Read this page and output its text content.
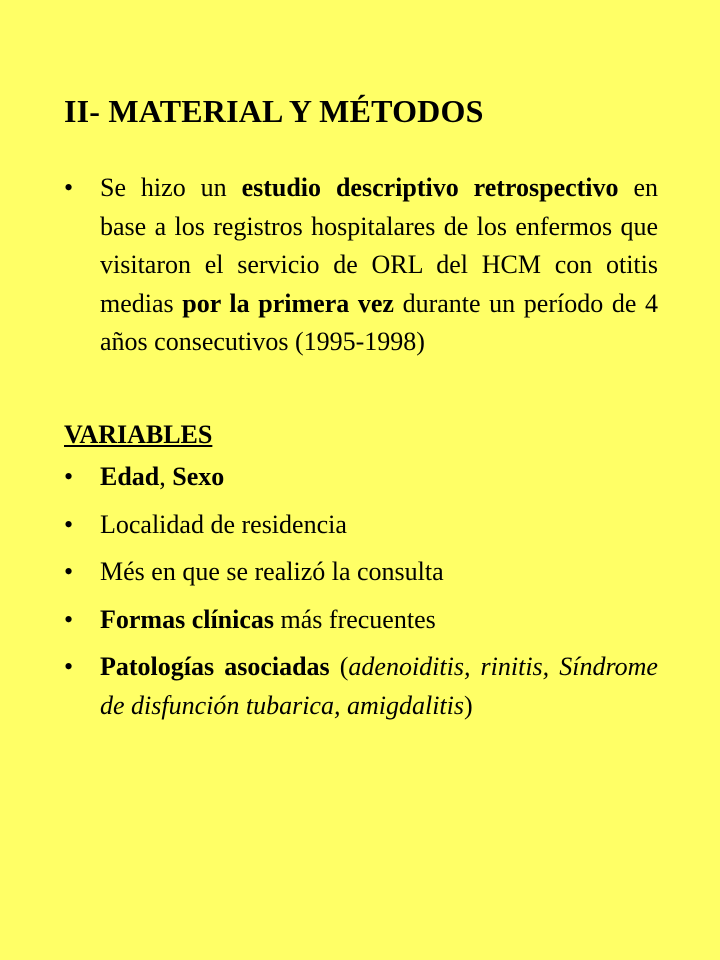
II- MATERIAL Y MÉTODOS
• Se hizo un estudio descriptivo retrospectivo en base a los registros hospitalares de los enfermos que visitaron el servicio de ORL del HCM con otitis medias por la primera vez durante un período de 4 años consecutivos (1995-1998)
VARIABLES
• Edad, Sexo
• Localidad de residencia
• Més en que se realizó la consulta
• Formas clínicas más frecuentes
• Patologías asociadas (adenoiditis, rinitis, Síndrome de disfunción tubarica, amigdalitis)
